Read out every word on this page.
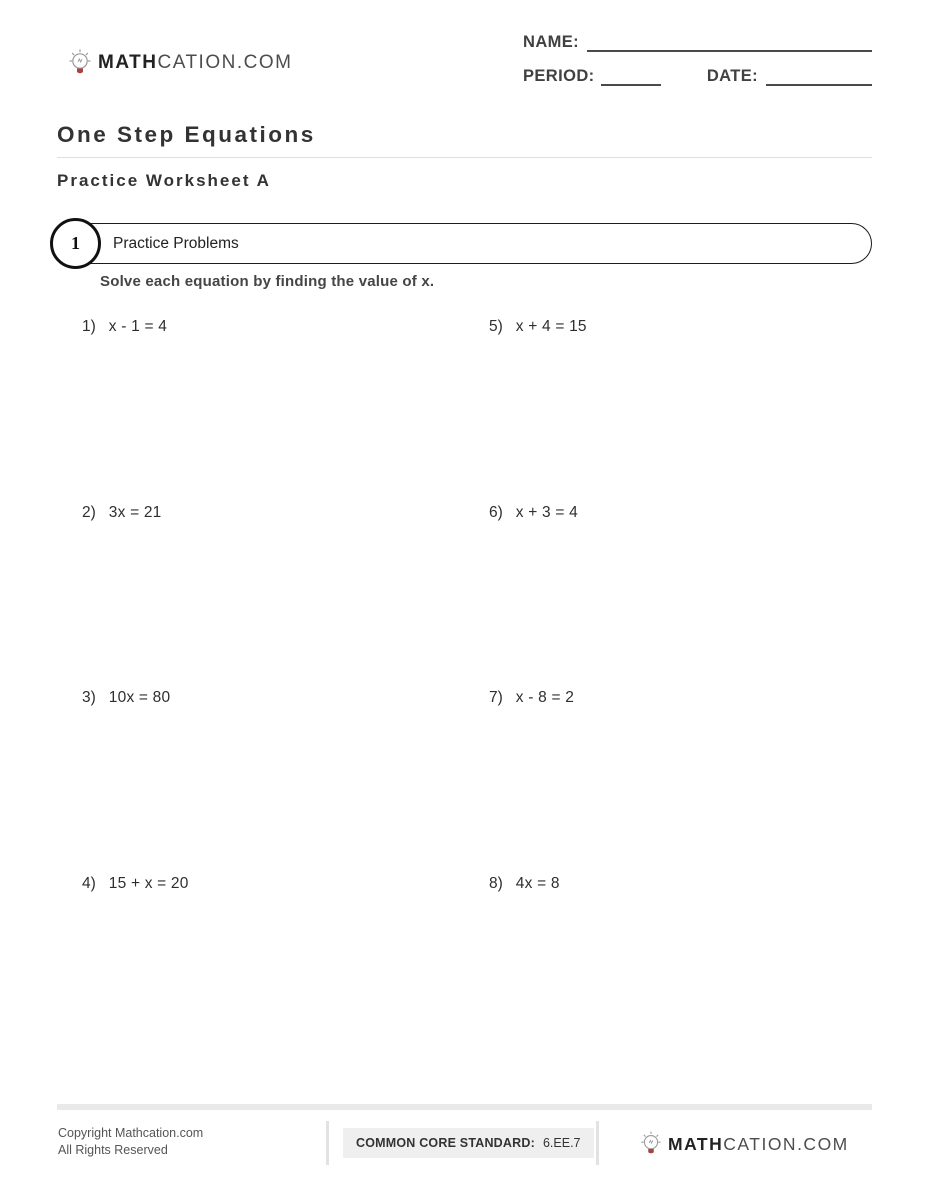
MATHCATION.COM
NAME:
PERIOD:	DATE:
One Step Equations
Practice Worksheet A
Practice Problems
1
Solve each equation by finding the value of x.
1) x - 1 = 4	5) x + 4 = 15
2) 3x = 21	6) x + 3 = 4
3) 10x = 80	7) x - 8 = 2
4) 15 + x = 20	8) 4x = 8
Copyright Mathcation.com
All Rights Reserved	COMMON CORE STANDARD: 6.EE.7	MATHCATION.COM
